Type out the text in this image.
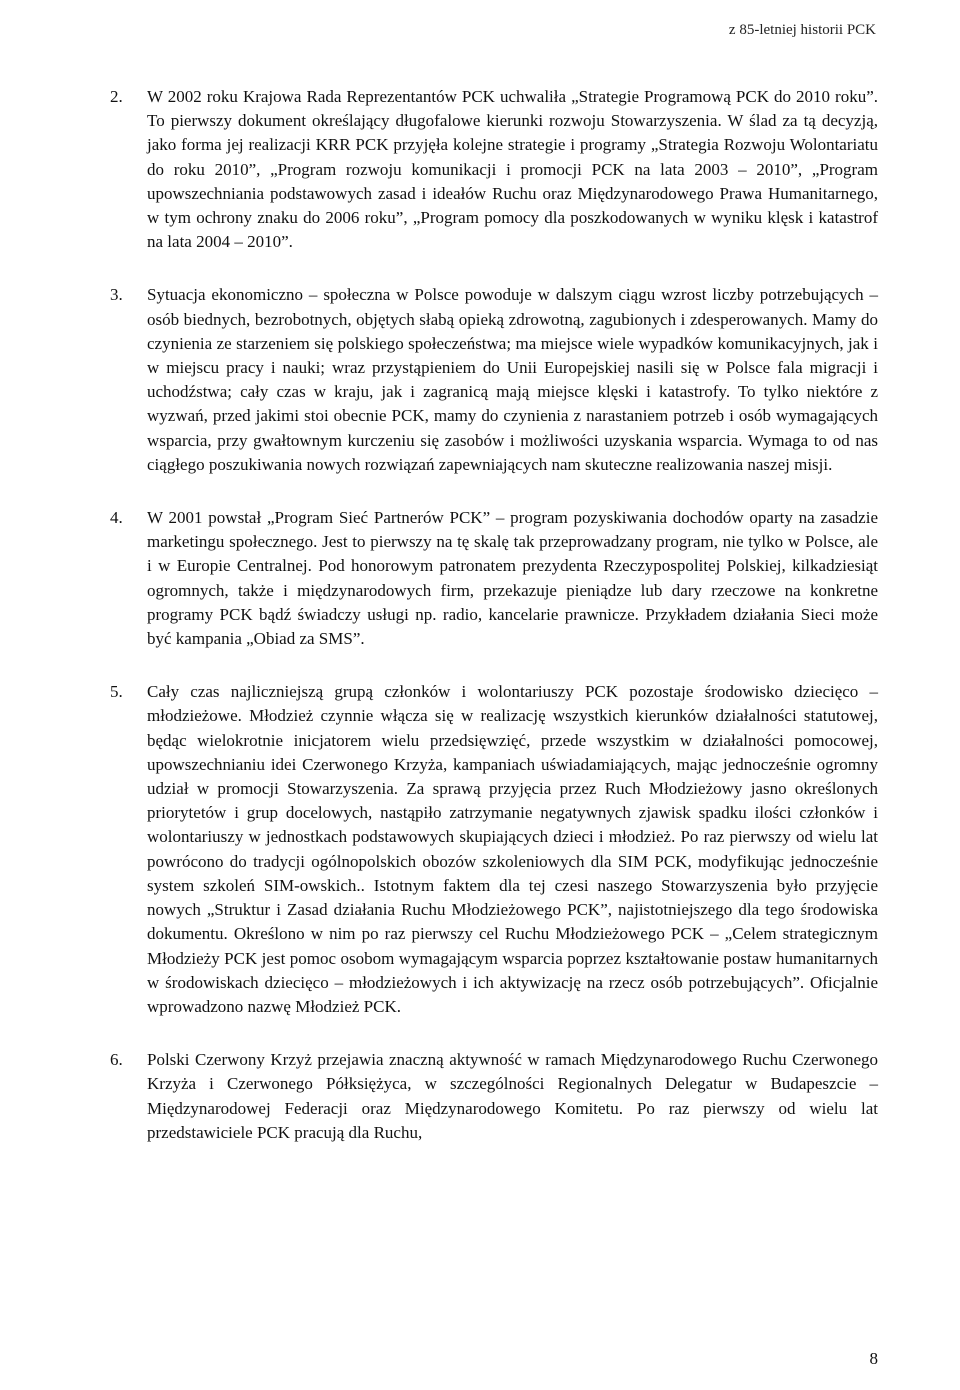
z 85-letniej historii PCK
2. W 2002 roku Krajowa Rada Reprezentantów PCK uchwaliła „Strategie Programową PCK do 2010 roku”. To pierwszy dokument określający długofalowe kierunki rozwoju Stowarzyszenia. W ślad za tą decyzją, jako forma jej realizacji KRR PCK przyjęła kolejne strategie i programy „Strategia Rozwoju Wolontariatu do roku 2010”, „Program rozwoju komunikacji i promocji PCK na lata 2003 – 2010”, „Program upowszechniania podstawowych zasad i ideałów Ruchu oraz Międzynarodowego Prawa Humanitarnego, w tym ochrony znaku do 2006 roku”, „Program pomocy dla poszkodowanych w wyniku klęsk i katastrof na lata 2004 – 2010”.

3. Sytuacja ekonomiczno – społeczna w Polsce powoduje w dalszym ciągu wzrost liczby potrzebujących – osób biednych, bezrobotnych, objętych słabą opieką zdrowotną, zagubionych i zdesperowanych. Mamy do czynienia ze starzeniem się polskiego społeczeństwa; ma miejsce wiele wypadków komunikacyjnych, jak i w miejscu pracy i nauki; wraz przystąpieniem do Unii Europejskiej nasili się w Polsce fala migracji i uchodźstwa; cały czas w kraju, jak i zagranicą mają miejsce klęski i katastrofy. To tylko niektóre z wyzwań, przed jakimi stoi obecnie PCK, mamy do czynienia z narastaniem potrzeb i osób wymagających wsparcia, przy gwałtownym kurczeniu się zasobów i możliwości uzyskania wsparcia. Wymaga to od nas ciągłego poszukiwania nowych rozwiązań zapewniających nam skuteczne realizowania naszej misji.

4. W 2001 powstał „Program Sieć Partnerów PCK” – program pozyskiwania dochodów oparty na zasadzie marketingu społecznego. Jest to pierwszy na tę skalę tak przeprowadzany program, nie tylko w Polsce, ale i w Europie Centralnej. Pod honorowym patronatem prezydenta Rzeczypospolitej Polskiej, kilkadziesiąt ogromnych, także i międzynarodowych firm, przekazuje pieniądze lub dary rzeczowe na konkretne programy PCK bądź świadczy usługi np. radio, kancelarie prawnicze. Przykładem działania Sieci może być kampania „Obiad za SMS”.

5. Cały czas najliczniejszą grupą członków i wolontariuszy PCK pozostaje środowisko dziecięco – młodzieżowe. Młodzież czynnie włącza się w realizację wszystkich kierunków działalności statutowej, będąc wielokrotnie inicjatorem wielu przedsięwzięć, przede wszystkim w działalności pomocowej, upowszechnianiu idei Czerwonego Krzyża, kampaniach uświadamiających, mając jednocześnie ogromny udział w promocji Stowarzyszenia. Za sprawą przyjęcia przez Ruch Młodzieżowy jasno określonych priorytetów i grup docelowych, nastąpiło zatrzymanie negatywnych zjawisk spadku ilości członków i wolontariuszy w jednostkach podstawowych skupiających dzieci i młodzież. Po raz pierwszy od wielu lat powrócono do tradycji ogólnopolskich obozów szkoleniowych dla SIM PCK, modyfikując jednocześnie system szkoleń SIM-owskich.. Istotnym faktem dla tej czesi naszego Stowarzyszenia było przyjęcie nowych „Struktur i Zasad działania Ruchu Młodzieżowego PCK”, najistotniejszego dla tego środowiska dokumentu. Określono w nim po raz pierwszy cel Ruchu Młodzieżowego PCK – „Celem strategicznym Młodzieży PCK jest pomoc osobom wymagającym wsparcia poprzez kształtowanie postaw humanitarnych w środowiskach dziecięco – młodzieżowych i ich aktywizację na rzecz osób potrzebujących”. Oficjalnie wprowadzono nazwę Młodzież PCK.

6. Polski Czerwony Krzyż przejawia znaczną aktywność w ramach Międzynarodowego Ruchu Czerwonego Krzyża i Czerwonego Półksiężyca, w szczególności Regionalnych Delegatur w Budapeszcie – Międzynarodowej Federacji oraz Międzynarodowego Komitetu. Po raz pierwszy od wielu lat przedstawiciele PCK pracują dla Ruchu,

8
